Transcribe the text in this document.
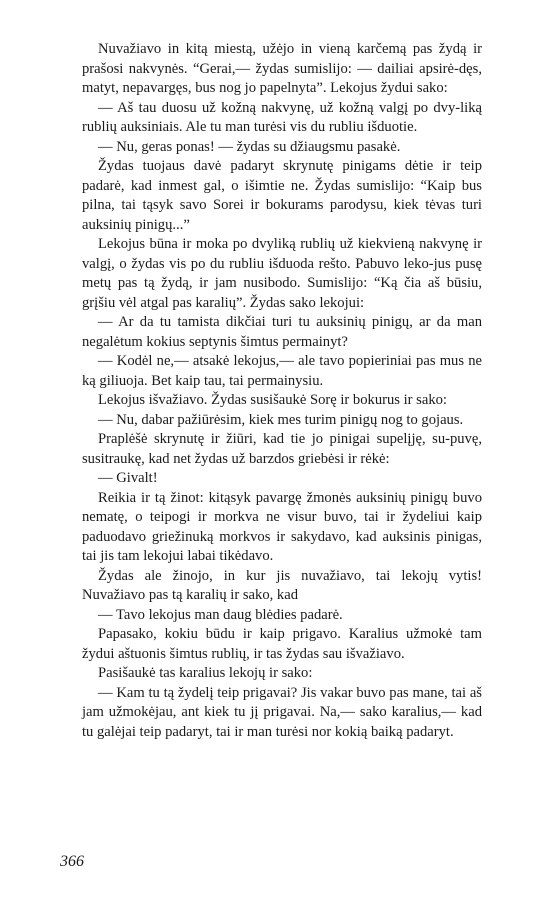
Nuvažiavo in kitą miestą, užėjo in vieną karčemą pas žydą ir prašosi nakvynės. “Gerai,— žydas sumislijo: — dailiai apsirė-dęs, matyt, nepavargęs, bus nog jo papelnyta”. Lekojus žydui sako:

— Aš tau duosu už kožną nakvynę, už kožną valgį po dvy-liką rublių auksiniais. Ale tu man turėsi vis du rubliu išduotie.

— Nu, geras ponas! — žydas su džiaugsmu pasakė.

Žydas tuojaus davė padaryt skrynutę pinigams dėtie ir teip padarė, kad inmest gal, o išimtie ne. Žydas sumislijo: “Kaip bus pilna, tai tąsyk savo Sorei ir bokurams parodysu, kiek tėvas turi auksinių pinigų...”

Lekojus būna ir moka po dvyliką rublių už kiekvieną nakvynę ir valgį, o žydas vis po du rubliu išduoda rešto. Pabuvo leko-jus pusę metų pas tą žydą, ir jam nusibodo. Sumislijo: “Ką čia aš būsiu, grįšiu vėl atgal pas karalių”. Žydas sako lekojui:

— Ar da tu tamista dikčiai turi tu auksinių pinigų, ar da man negalėtum kokius septynis šimtus permainyt?

— Kodėl ne,— atsakė lekojus,— ale tavo popieriniai pas mus ne ką giliuoja. Bet kaip tau, tai permainysiu.

Lekojus išvažiavo. Žydas susišaukė Sorę ir bokurus ir sako:

— Nu, dabar pažiūrėsim, kiek mes turim pinigų nog to gojaus.

Praplėšė skrynutę ir žiūri, kad tie jo pinigai supelįję, su-puvę, susitraukę, kad net žydas už barzdos griebėsi ir rėkė:

— Givalt!

Reikia ir tą žinot: kitąsyk pavargę žmonės auksinių pinigų buvo nematę, o teipogi ir morkva ne visur buvo, tai ir žydeliui kaip paduodavo griežinuką morkvos ir sakydavo, kad auksinis pinigas, tai jis tam lekojui labai tikėdavo.

Žydas ale žinojo, in kur jis nuvažiavo, tai lekojų vytis! Nuvažiavo pas tą karalių ir sako, kad

— Tavo lekojus man daug blėdies padarė.

Papasako, kokiu būdu ir kaip prigavo. Karalius užmokė tam žydui aštuonis šimtus rublių, ir tas žydas sau išvažiavo.

Pasišaukė tas karalius lekojų ir sako:

— Kam tu tą žydelį teip prigavai? Jis vakar buvo pas mane, tai aš jam užmokėjau, ant kiek tu jį prigavai. Na,— sako karalius,— kad tu galėjai teip padaryt, tai ir man turėsi nor kokią baiką padaryt.

366
